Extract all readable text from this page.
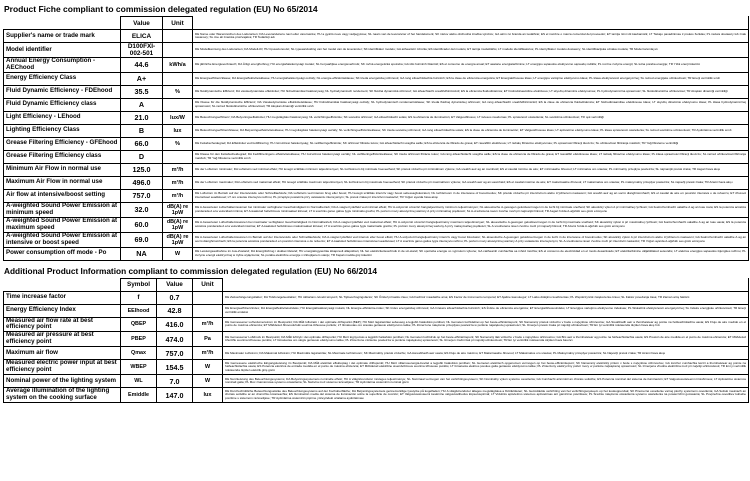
Product Fiche compliant to commission delegated regulation (EU) No 65/2014
	Value	Unit	
Supplier's name or trade mark	ELICA		DE Name oder Warenzeichen des Lieferanten; DA Leverandørens navn eller varemærke; HU a gyártó neve vagy védjegyzése; NL naam van de leverancier of het handelsmerk; SK názov alebo obchodná značka výrobcu; GA ainm nó branda an tsoláthraí; ES el nombre o marca comercial del proveedor; ET tarnija nimi või kaubamärk; LT Tiekėjo pavadinimas ir prekės ženklas; PL nazwa dostawcy lub znak towarowy; SL ime ali znamka proizvajalca; TR Tedarikçi adı
Model identifier	D100FXI-002-501		DE Modellkennung des Lieferanten; DA Modelt-ID; HU típusazonosító; NL typeaanduiding van het model van de leverancier; SK identifikátor modelu; GA aitheantóir mhúnla; ES identificador del modelo; ET tarnija mudelitähis; LT modelio identifikatorius; PL identyfikator modelu dostawcy; SL identifikacijska oznaka modela; TR Model tanımlayıcı
Annual Energy Consumption - AEChood	44.6	kWh/a	DE jährliche Energieverbrauch; DA Årligt energiforbrug; HU energiahatékonysági mutató; NL het jaarlijkse energieverbruik; SK ročná energetická spotreba; GA ídiú fuinnimh bliantúil; ES el consumo de energía anual; ET aastane energiatarbimine; LT energijos sąnaudos efektyvumo sąnaudų rodiklis; PL roczne zużycie energii; SL letna poraba energije; TR Yıllık enerji tüketimi
Energy Efficiency Class	A+		DE Energieeffizienzklasse; DA Energieffektivitetsklasse; HU energiahatékonysági osztály; NL energie-efficiëntieklasse; SK trieda energetickej účinnosti; GA rang éifeachtúlachta fuinnimh; ES la clase de eficiencia energética; ET Energiatõhususe klass; LT energijos vartojimo efektyvumo klasė; PL klasa efektywności energetycznej; SL razred energijske učinkovitosti; TR Enerji verimlilik sınıfı
Fluid Dynamic Efficiency - FDEhood	35.5	%	DE fluiddynamische Effizienz; DA væskedynamiske effektivitet; HU hidrodinamikai hatékonyság; NL hydrodynamisch rendement; SK fluidná dynamická účinnosť; GA éifeachtacht sreabhdhinimiciúil; ES la eficiencia fluidodinámica; ET hüdrodünaamiline efektiivsus; LT skysčių dinaminis efektyvumas; PL hydrodynamiczna sprawność; SL fluidodinamična učinkovitost; TR Akışkan dinamiği verimliliği
Fluid Dynamic Efficiency class	A		DE Klasse für die fluiddynamische Effizienz; DA Væskedynamiske effektivitetsklasse; HU hidrodinamikai hatékonysági osztály; NL hydrodynamisch rendementsklasse; SK trieda fluidnej dynamickej účinnosti; GA rang éifeachtacht sreabhdhinimiciúil; ES la clase de eficiencia fluidodinámica; ET hüdrodünaamilise efektiivsuse klass; LT skysčių dinaminio efektyvumo klasė; PL klasa hydrodynamicznej sprawności; SL razred fluidodinamične učinkovitosti; TR Akışkan dinamiği verimlilik sınıfı
Light Efficiency - LEhood	21.0	lux/W	DE Beleuchtungseffizienz; DA Belysningseffektivitet; HU megvilágítási hatékonyság; NL verlichtingsefficiëntie; SK svetelná účinnosť; GA éifeachtúlacht solais; ES la eficiencia de iluminación; ET Valgustõhusus; LT šviesos naudumas; PL sprawność oświetlenia; SL svetlobna učinkovitost; TR ışık verimliliği
Lighting Efficiency Class	B	lux	DE Beleuchtungseffizienzklasse; DA Belysningseffektivitetsklasse; HU megvilágítási hatékonysági osztály; NL verlichtingsefficiëntieklasse; SK trieda svetelnej účinnosti; GA rang éifeachtúlachta solais; ES la clase de eficiencia de iluminación; ET Valgustõhususe klass; LT apšvietimo efektyvumo klasė; PL klasa sprawności oświetlenia; SL razred svetlobne učinkovitosti; TR Aydınlatma verimlilik sınıfı
Grease Filtering Efficiency - GFEhood	66.0	%	DE Fettabscheidegrad; DA Effektivitet ved fedtfiltrering; HU zsírszűrési hatékonyság; NL vetfilteringefficiëntie; SK účinnosť filtrácie tukov; GA éifeachtúlacht scagtha saille; ES la eficiencia de filtrado de grasa; ET rasvafiltri efektiivsus; LT riebalų filtravimo efektyvumas; PL sprawność filtracji tłuszczu; SL učinkovitost filtriranja maščob; TR Yağ filtreleme verimliliği
Grease Filtering Efficiency class	D		DE Klasse für den Fettabscheidegrad; DA Fedtfiltreringens effektivitetsklasse; HU zsírszűrési hatékonysági osztály; NL vetfilteringefficiëntieklasse; SK trieda účinnosti filtrácie tukov; GA rang éifeachtúlacht scagtha saille; ES la clase de eficiencia de filtrado de grasa; ET rasvafiltri efektiivsuse klass; LT riebalų filtravimo efektyvumo klasė; PL klasa sprawności filtracji tłuszczu; SL razred učinkovitosti filtriranja maščob; TR Yağ filtreleme verimlilik sınıfı
Minimum Air Flow in normal use	125.0	m³/h	DE der Luftstrom minimaler; DA Luftstrøm ved minimal effekt; HU levegő szállítás minimum teljesítményen; NL luchtstroom bij minimale hoeveelheid; SK prietok vzduchu pri minimálnom výkone; GA sreabh aeir ag an íosmhéid; ES el caudal mínimo de aire; ET minimaalne õhuvool; LT minimalus oro srautas; PL minimalny przepływ powietrza; SL najmanjši pretok zraka; TR Asgari hava akışı
Maximum Air Flow in normal use	496.0	m³/h	DE der Luftstrom maximaler; DA Luftstrøm ved maksimal effekt; HU levegő szállítás maximum teljesítményen; NL luchtstroom bij maximale hoeveelheid; SK prietok vzduchu pri maximálnom výkone; GA sreabh aeir ag an uasmhéid; ES el caudal máximo de aire; ET maksimaalne õhuvool; LT maksimalus oro srautas; PL maksymalny przepływ powietrza; SL največji pretok zraka; TR Azami hava akışı
Air flow at intensive/boost setting	757.0	m³/h	DE Luftstrom im Betrieb auf der Intensivstufe oder Schnelllaufstufe; DA Luftstrøm ved intensiv brug eller boost; HU levegő szállítás intenzív vagy boost sebességfokozaton; NL luchtstroom in de intensieve of boostmodus; SK prietok vzduchu pri intenzívnom alebo zrýchlenom nastavení; GA sreabh aeir ag an socrú dianghníomhach; ES el caudal de aire en posición intensiva o de refuerzo; ET õhuvool intensiivsel seadistusel; LT oro srautas intensyviu režimu; PL przepływ powietrza przy ustawieniu intensywnym; SL pretok zraka pri intenzivni nastavitvi; TR Yoğun ayarda hava akışı
A-weighted Sound Power Emission at minimum speed	32.0	dB(A) re 1pW	DE A-bewerteten Luftschallemissionen bei minimaler verfügbarer Geschwindigkeit im Normalbetrieb; DA A-vægtet lydeffekt ved minimal effekt; HU A-súlyozott szószórt hangteljesítmény minimum teljesítményen; NL akoestische A-gewogen geluidsvermogen in de lucht bij minimale snelheid; SK akustický výkon A pri minimálnej rýchlosti; GA fuaimchumhacht ualaithe A ag an luas íosta; ES la potencia acústica ponderada A a la velocidad mínima; ET A-kaalutud helivõimsus minimaalsel kiirusel; LT A svertinis garso galios lygis minimaliu greičiu; PL poziom mocy akustycznej ważony A przy minimalnej prędkości; SL A-vrednotena raven zvočne moči pri najmanjši hitrosti; TR Asgari hızda A-ağırlıklı ses gücü emisyonu
A-weighted Sound Power Emission at maximum speed	60.0	dB(A) re 1pW	DE A-bewerteten Luftschallemissionen bei maximaler verfügbarer Geschwindigkeit im Normalbetrieb; DA A-vægtet lydeffekt ved maksimal effekt; HU A-súlyozott szószórt hangteljesítmény maximum teljesítményen; NL akoestische A-gewogen geluidsvermogen in de lucht bij maximale snelheid; SK akustický výkon A pri maximálnej rýchlosti; GA fuaimchumhacht ualaithe A ag an luas uasta; ES la potencia acústica ponderada A a la velocidad máxima; ET A-kaalutud helivõimsus maksimaalsel kiirusel; LT A svertinis garso galios lygis maksimaliu greičiu; PL poziom mocy akustycznej ważony A przy maksymalnej prędkości; SL A-vrednotena raven zvočne moči pri največji hitrosti; TR Azami hızda A-ağırlıklı ses gücü emisyonu
A-weighted Sound Power Emission at intensive or boost speed	69.0	dB(A) re 1pW	DE A-bewerteten Luftschallemissionen im Betrieb auf der Intensivstufe oder Schnelllaufstufe; DA A-vægtet lydeffekt ved intensiv eller boost effekt; HU A-súlyozott hangteljesítmény intenzív vagy boost fokozaton; NL akoestische A-gewogen geluidsvermogen in de lucht in de intensieve of boostmodus; SK akustický výkon A pri intenzívnom alebo zrýchlenom nastavení; GA fuaimchumhacht ualaithe A ag an socrú dianghníomhach; ES la potencia acústica ponderada A en posición intensiva o de refuerzo; ET A-kaalutud helivõimsus intensiivsel seadistusel; LT A svertinis garso galios lygis intensyviu režimu; PL poziom mocy akustycznej ważony A przy ustawieniu intensywnym; SL A-vrednotena raven zvočne moči pri intenzivni nastavitvi; TR Yoğun ayarda A-ağırlıklı ses gücü emisyonu
Power consumption off mode - Po	NA	W	DE Leistungsaufnahme im Aus-Zustand; DA Energiforbrug i slukket tilstand; HU energiafogyasztás kikapcsolt állapotban; NL het elektriciteitsverbruik in de uit-stand; SK spotreba energie vo vypnutom výkone; GA caitheamh cumhachta sa mhód múchta; ES el consumo de electricidad en el modo desactivado; ET elektritarbimine väljalülitatud seisundis; LT elektros energijos sąnaudos išjungties režimu; PL zużycie energii elektrycznej w trybie wyłączenia; SL poraba električne energije v izklopljenem stanju; TR Kapalı modda güç tüketimi
Additional Product Information compliant to commission delegated regulation (EU) No 66/2014
	Symbol	Value	Unit	
Time increase factor	f	0.7		DE Zeitverlängerungsfaktor; DA Tidsforøgelsesfaktor; HU időtartam-növelő tényező; NL Tijdsverhogingsfactor; SK Činiteľ prírastku času; GA Fachtóir méadaithe ama; ES Factor de incremento temporal; ET Ajaline kasvutegur; LT Laiko didėjimo koeficientas; PL Współczynnik zwiększenia czasu; SL Faktor povečanja časa; TR Zaman artış faktörü
Energy Efficiency Index	EEIhood	42.8		DE Energieeffizienzindex; DA Energieffektivitetsindeks; HU Energiahatékonysági mutató; NL Energie-efficiëntie-index; SK Index energetickej účinnosti; GA Innéacs éifeachtúlachta fuinnimh; ES Índice de eficiencia energética; ET Energiatõhususindeks; LT Energijos vartojimo efektyvumo indeksas; PL Wskaźnik efektywności energetycznej; SL Indeks energijske učinkovitosti; TR Enerji verimlilik endeksi
Measured air flow rate at best efficiency point	QBEP	416.0	m³/h	DE Gemessener Luftvolumenstrom im Bestpunkt; DA Målt luftstrøm i det optimale driftspunkt (BEP); HU Mért légáramlási sebesség a legjobb hatásfokú pontban; NL Gemeten luchtdebiet op het beste-efficiëntiepunt; SK Nameraný prietok vzduchu v bode s najvyššou účinnosťou; GA Sreabhadh aeir a thomhaistear ag pointe na héifeachtúlachta uasta; ES Flujo de aire medido en el punto de máxima eficiencia; ET Mõõdetud õhuvooluhulk suurima tõhususe punktis; LT Išmatuotas oro srautas geriausio efektyvumo taške; PL Zmierzone natężenie przepływu powietrza w punkcie największej sprawności; SL Izmerjen pretok zraka pri najvišji učinkovitosti; TR En iyi verimlilik noktasında ölçülen hava akış hızı
Measured air pressure at best efficiency point	PBEP	474.0	Pa	DE Gemessener Luftdruck im Bestpunkt; DA Målt lufttryk i det optimale driftspunkt; HU Mért légnyomás a legjobb hatásfokú pontban; NL Gemeten luchtdruk op het beste-efficiëntiepunt; SK Nameraný tlak vzduchu v bode s najvyššou účinnosťou; GA Brú aeir a thomhaistear ag pointe na héifeachtúlachta uasta; ES Presión de aire medida en el punto de máxima eficiencia; ET Mõõdetud õhurõhk suurima tõhususe punktis; LT Išmatuotas oro slėgis geriausio efektyvumo taške; PL Zmierzone ciśnienie powietrza w punkcie największej sprawności; SL Izmerjen zračni tlak pri najvišji učinkovitosti; TR En iyi verimlilik noktasında ölçülen hava basıncı
Maximum air flow	Qmax	757.0	m³/h	DE Maximaler Luftstrom; DA Maksimal luftstrøm; HU Maximális légáramlás; NL Maximale luchtstroom; SK Maximálny prietok vzduchu; GA Asreabhadh aeir uasta; ES Flujo de aire máximo; ET Maksimaalne õhuvool; LT Maksimalus oro srautas; PL Maksymalny przepływ powietrza; SL Največji pretok zraka; TR Azami hava akışı
Measured electric power input at best efficiency point	WBEP	154.5	W	DE Gemessene elektrische Eingangsleistung im Bestpunkt; DA Målt elektrisk effektoptag i det optimale driftspunkt; HU Mért villamosenergia-bevitel a legjobb hatásfokú pontban; NL Gemeten elektrisch opgenomen vermogen op het beste-efficiëntiepunt; SK Nameraný elektrický príkon v bode s najvyššou účinnosťou; GA Ionchur cumhachta leictrí a thomhaistear ag pointe na héifeachtúlachta uasta; ES Potencia eléctrica de entrada medida en el punto de máxima eficiencia; ET Mõõdetud elektriline sisendvõimsus suurima tõhususe punktis; LT Išmatuota elektros įvesties galia geriausio efektyvumo taške; PL Zmierzony elektryczny pobór mocy w punkcie największej sprawności; SL Izmerjena vhodna električna moč pri najvišji učinkovitosti; TR En iyi verimlilik noktasında ölçülen elektrik giriş gücü
Nominal power of the lighting system	WL	7.0	W	DE Nennleistung des Beleuchtungssystems; DA Belysningssystemets nominelle effekt; HU A világítórendszer névleges teljesítménye; NL Nominaal vermogen van het verlichtingssysteem; SK Nominálny výkon systému osvetlenia; GA Cumhacht ainmniúil an chórais soilsithe; ES Potencia nominal del sistema de iluminación; ET Valgustussüsteemi nimivõimsus; LT Apšvietimo sistemos nominali galia; PL Moc znamionowa systemu oświetlenia; SL Nazivna moč sistema razsvetljave; TR Aydınlatma sisteminin nominal gücü
Average illumination of the lighting system on the cooking surface	Emiddle	147.0	lux	DE Durchschnittliche Beleuchtungsstärke des Beleuchtungssystems auf der Kochoberfläche; DA Belysningssystemets gennemsnitlige lysstyrke på kogefladen; HU A világítórendszer átlagos megvilágítása a főzőfelületen; NL Gemiddelde verlichting van het verlichtingssysteem op het kookoppervlak; SK Priemerné osvetlenie varnej plochy systémom osvetlenia; GA Soilsiú meánach an chórais soilsithe ar an dromchla cócaireachta; ES Iluminación media del sistema de iluminación sobre la superficie de cocción; ET Valgustussüsteemi keskmine valgustustihedus küpsetuspinnal; LT Vidutinis apšvietimo sistemos apšvietimas ant gaminimo paviršiaus; PL Średnie natężenie oświetlenia systemu oświetlenia na powierzchni gotowania; SL Povprečna osvetlitev kuhalne površine s sistemom razsvetljave; TR Aydınlatma sisteminin pişirme yüzeyindeki ortalama aydınlatması
